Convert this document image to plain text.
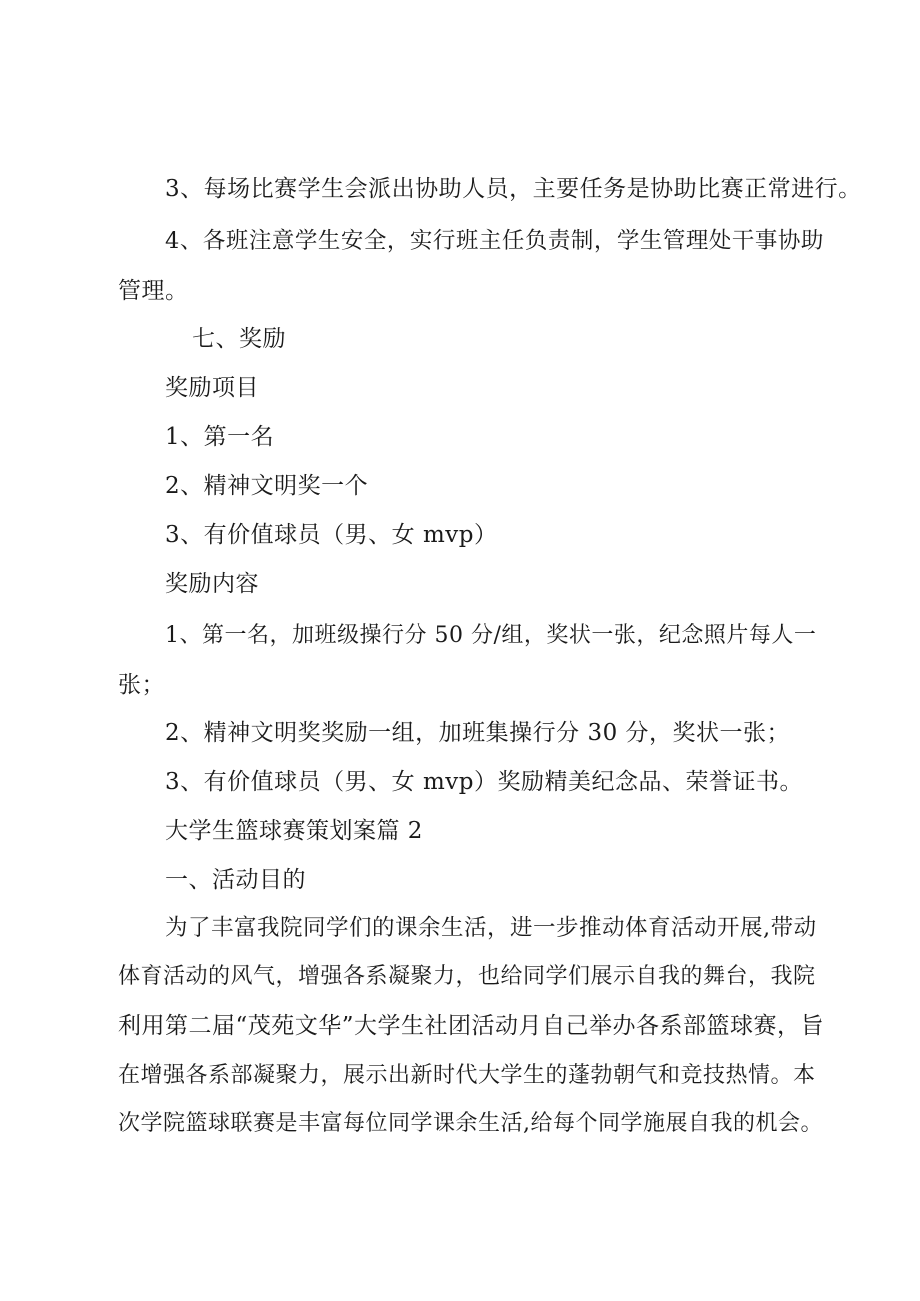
3、每场比赛学生会派出协助人员，主要任务是协助比赛正常进行。
4、各班注意学生安全，实行班主任负责制，学生管理处干事协助
管理。
七、奖励
奖励项目
1、第一名
2、精神文明奖一个
3、有价值球员（男、女 mvp）
奖励内容
1、第一名，加班级操行分 50 分/组，奖状一张，纪念照片每人一
张；
2、精神文明奖奖励一组，加班集操行分 30 分，奖状一张；
3、有价值球员（男、女 mvp）奖励精美纪念品、荣誉证书。
大学生篮球赛策划案篇 2
一、活动目的
为了丰富我院同学们的课余生活，进一步推动体育活动开展,带动
体育活动的风气，增强各系凝聚力，也给同学们展示自我的舞台，我院
利用第二届“茂苑文华”大学生社团活动月自己举办各系部篮球赛，旨
在增强各系部凝聚力，展示出新时代大学生的蓬勃朝气和竞技热情。本
次学院篮球联赛是丰富每位同学课余生活,给每个同学施展自我的机会。
